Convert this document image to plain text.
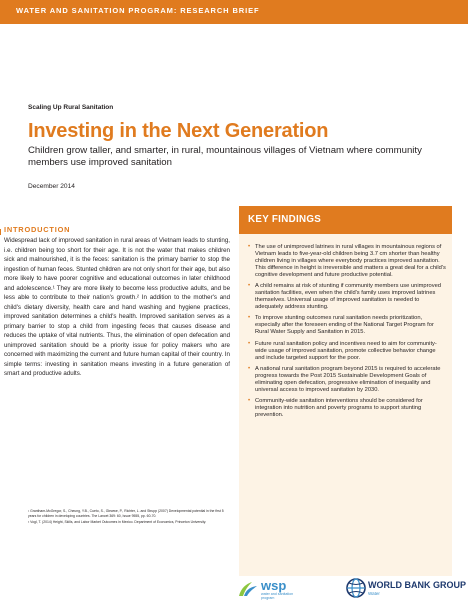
WATER AND SANITATION PROGRAM: RESEARCH BRIEF
Scaling Up Rural Sanitation
Investing in the Next Generation

Children grow taller, and smarter, in rural, mountainous villages of Vietnam where community members use improved sanitation

December 2014
INTRODUCTION

Widespread lack of improved sanitation in rural areas of Vietnam leads to stunting, i.e. children being too short for their age. It is not the water that makes children sick and malnourished, it is the feces: sanitation is the primary barrier to stop the ingestion of human feces. Stunted children are not only short for their age, but also more likely to have poorer cognitive and educational outcomes in later childhood and adolescence.¹ They are more likely to become less productive adults, and be less able to contribute to their nation's growth.² In addition to the mother's and child's dietary diversity, health care and hand washing and hygiene practices, improved sanitation determines a child's health. Improved sanitation serves as a primary barrier to stop a child from ingesting feces that causes disease and reduces the uptake of vital nutrients. Thus, the elimination of open defecation and unimproved sanitation should be a priority issue for policy makers who are concerned with maximizing the current and future human capital of their country. In simple terms: investing in sanitation means investing in a future generation of smart and productive adults.

¹ Grantham-McGregor, S., Cheung, Y.B., Cueto, S., Glewwe, P., Richter, L. and Strupp (2007) Developmental potential in the first 5 years for children in developing countries. The Lancet 369: 60, Issue 9555, pp. 60-70.

² Vogl, T. (2014) Height, Skills, and Labor Market Outcomes in Mexico. Department of Economics, Princeton University.

KEY FINDINGS
• The use of unimproved latrines in rural villages in mountainous regions of Vietnam leads to five-year-old children being 3.7 cm shorter than healthy children living in villages where everybody practices improved sanitation. This difference in height is irreversible and matters a great deal for a child's cognitive development and future productive potential.
• A child remains at risk of stunting if community members use unimproved sanitation facilities, even when the child's family uses improved latrines themselves. Universal usage of improved sanitation is needed to adequately address stunting.
• To improve stunting outcomes rural sanitation needs prioritization, especially after the foreseen ending of the National Target Program for Rural Water Supply and Sanitation in 2015.
• Future rural sanitation policy and incentives need to aim for community-wide usage of improved sanitation, promote collective behavior change and include targeted support for the poor.
• A national rural sanitation program beyond 2015 is required to accelerate progress towards the Post 2015 Sustainable Development Goals of eliminating open defecation, progressive elimination of inequality and universal access to improved sanitation by 2030.
• Community-wide sanitation interventions should be considered for integration into nutrition and poverty programs to support stunting prevention.
wsp
water and sanitation program
WORLD BANK GROUP
Water
